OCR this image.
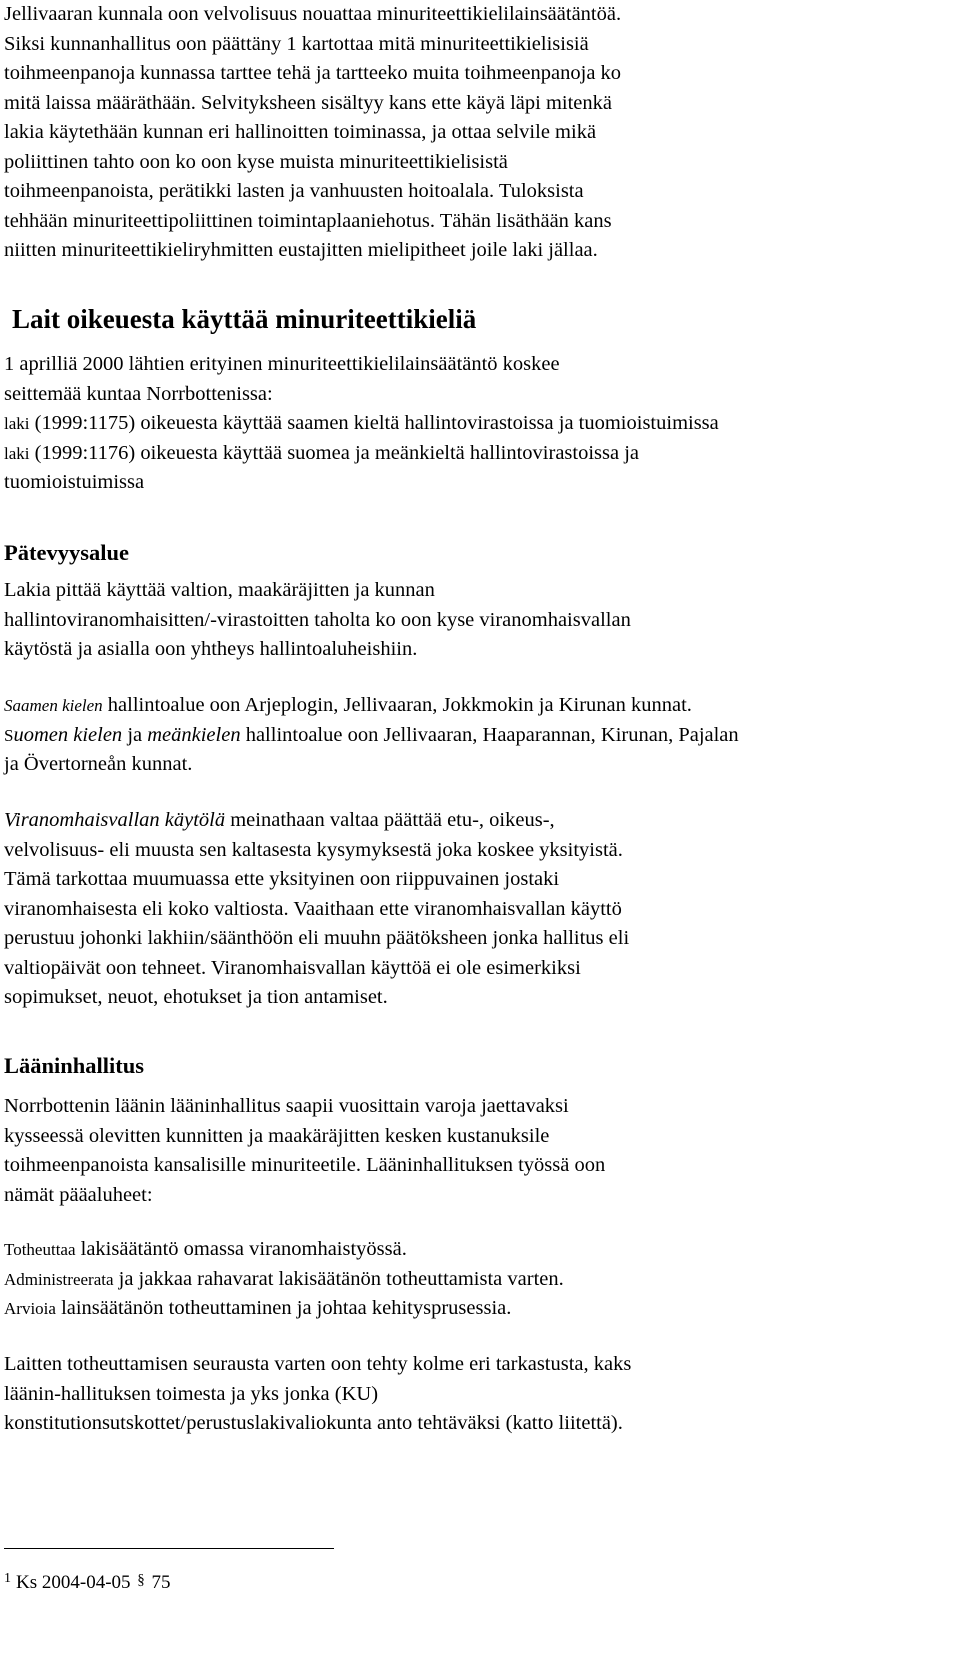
Jellivaaran kunnala oon velvolisuus nouattaa minuriteettikielilainsäätäntöä.

Siksi kunnanhallitus oon päättäny 1 kartottaa mitä minuriteettikielisisiä

toihmeenpanoja kunnassa tarttee tehä ja tartteeko muita toihmeenpanoja ko

mitä laissa määräthään. Selvityksheen sisältyy kans ette käyä läpi mitenkä

lakia käytethään kunnan eri hallinoitten toiminassa, ja ottaa selvile mikä

poliittinen tahto oon ko oon kyse muista minuriteettikielisistä

toihmeenpanoista, perätikki lasten ja vanhuusten hoitoalala. Tuloksista

tehhään minuriteettipoliittinen toimintaplaaniehotus. Tähän lisäthään kans

niitten minuriteettikieliryhmitten eustajitten mielipitheet joile laki jällaa.

Lait oikeuesta käyttää minuriteettikieliä

1 aprilliä 2000 lähtien erityinen minuriteettikielilainsäätäntö koskee

seittemää kuntaa Norrbottenissa:

laki (1999:1175) oikeuesta käyttää saamen kieltä hallintovirastoissa ja tuomioistuimissa

laki (1999:1176) oikeuesta käyttää suomea ja meänkieltä hallintovirastoissa ja

tuomioistuimissa

Pätevyysalue

Lakia pittää käyttää valtion, maakäräjitten ja kunnan

hallintoviranomhaisitten/-virastoitten taholta ko oon kyse viranomhaisvallan

käytöstä ja asialla oon yhtheys hallintoaluheishiin.

Saamen kielen hallintoalue oon Arjeplogin, Jellivaaran, Jokkmokin ja Kirunan kunnat.

Suomen kielen ja meänkielen hallintoalue oon Jellivaaran, Haaparannan, Kirunan, Pajalan

ja Övertorneån kunnat.

Viranomhaisvallan käytölä meinathaan valtaa päättää etu-, oikeus-,

velvolisuus- eli muusta sen kaltasesta kysymyksestä joka koskee yksityistä.

Tämä tarkottaa muumuassa ette yksityinen oon riippuvainen jostaki

viranomhaisesta eli koko valtiosta. Vaaithaan ette viranomhaisvallan käyttö

perustuu johonki lakhiin/säänthöön eli muuhn päätöksheen jonka hallitus eli

valtiopäivät oon tehneet. Viranomhaisvallan käyttöä ei ole esimerkiksi

sopimukset, neuot, ehotukset ja tion antamiset.

Lääninhallitus

Norrbottenin läänin lääninhallitus saapii vuosittain varoja jaettavaksi

kysseessä olevitten kunnitten ja maakäräjitten kesken kustanuksile

toihmeenpanoista kansalisille minuriteetile. Lääninhallituksen työssä oon

nämät pääaluheet:

Totheuttaa lakisäätäntö omassa viranomhaistyössä.

Administreerata ja jakkaa rahavarat lakisäätänön totheuttamista varten.

Arvioia lainsäätänön totheuttaminen ja johtaa kehitysprusessia.

Laitten totheuttamisen seurausta varten oon tehty kolme eri tarkastusta, kaks

läänin-hallituksen toimesta ja yks jonka (KU)

konstitutionsutskottet/perustuslakivaliokunta anto tehtäväksi (katto liitettä).

$^1$ Ks 2004-04-05 § 75
